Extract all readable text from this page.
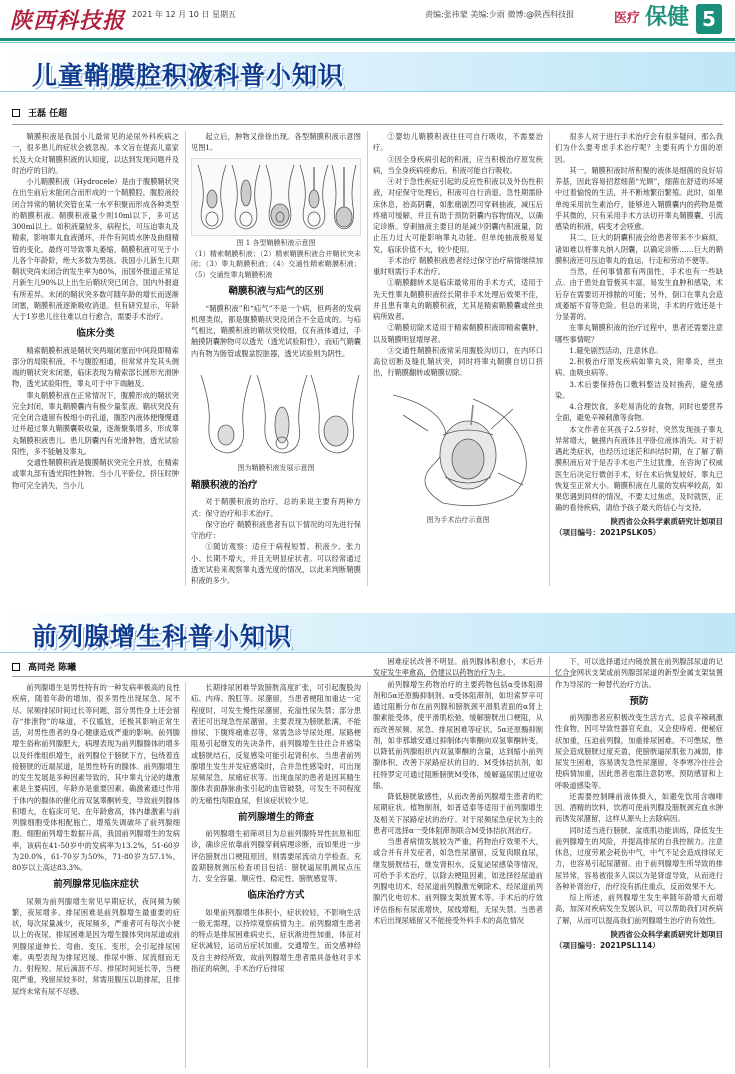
陕西科技报 2021 年 12 月 10 日 星期五	责编:张祎蒙 美编:少雨 微博:@陕西科技报	医疗 保健 5
儿童鞘膜腔积液科普小知识
王磊 任超

鞘膜积液是我国小儿最常见的泌尿外科疾病之一，很多患儿的症状会被忽视。本文旨在提高儿童家长及大众对鞘膜积液的认知度，以达到发现问题并及时治疗的目的。

小儿鞘膜积液（Hydrocele）是由于腹膜鞘状突在出生前后未能闭合而形成的一个鞘膜腔，腹腔液经闭合异常的鞘状突管在某一水平积聚而形成各种类型的鞘膜积液。鞘膜积液量少则10ml以下，多可达300ml以上。如积液量较多，病程长，可压迫睾丸及精索，影响睾丸血液循环，并作有间质水肿及曲细精管的变化，最终可导致睾丸萎缩。鞘膜积液可见于小儿各个年龄阶，绝大多数为男孩。我国小儿新生儿期鞘状突尚未闭合的发生率为80%，而国外报道正常足月新生儿90%以上出生后鞘状突已闭合，国内外报道有所差异。未闭的鞘状突多数可随年龄的增长而逐渐闭塞，鞘膜积液逐渐吸收消退。但有研究显示，年龄大于1岁患儿往往难以自行愈合，需要手术治疗。

临床分类

精索鞘膜积液是鞘状突两端闭塞而中间段即精索部分的局限积液，不与腹腔相通，但常常并发其头侧端的鞘状突未闭塞，临床表现为精索部长圆形光滑肿物，透光试验阳性，睾丸可于中下端触及。

睾丸鞘膜积液在正常情况下，腹膜形成的鞘状突完全封闭，睾丸鞘膜囊内有极少量浆液。鞘状突没有完全闭合遗留有极细小的孔道，腹腔内液体便慢慢通过并超过睾丸鞘膜囊吸收量，逐渐聚集增多，形成睾丸鞘膜积液患儿。患儿阴囊内有光滑肿物，透光试验阳性，多不能触及睾丸。

交通性鞘膜积液是腹膜鞘状突完全开放，在精索或睾丸部有透光阳性肿物。当小儿平卧位，挤压时肿物可完全消失，当小儿

起立后，肿物又徐徐出现。各型鞘膜积液示意图见图1。

图 1 各型鞘膜积液示意图
（1）精索鞘膜积液；（2）精索鞘膜积液合并鞘状突未闭；（3）睾丸鞘膜积液；（4）交通性精索鞘膜积液；（5）交通性睾丸鞘膜积液
鞘膜积液与疝气的区别

“鞘膜积液”和“疝气”不是一个病，但两者的发病机理类似，都是腹膜鞘状突没闭合不全造成的。与疝气相比，鞘膜积液的鞘状突较细，仅有液体通过，手触摸阴囊肿物可以透光（透光试验阳性），而疝气鞘囊内有物为肠管或腹盆腔脏器，透光试验则为阴性。

图为鞘膜积液发展示意图
鞘膜积液的治疗

对于鞘膜积液的治疗，总的来说主要有两种方式：保守治疗和手术治疗。

保守治疗 鞘膜积液患者有以下情况的可先进行保守治疗：

①随访观察：适应于病程短暂、积液少、张力小、长期不增大，并且无明显症状者。可以经常通过透光试验来观察睾丸透光度的情况，以此来判断鞘膜积液的多少。

②婴幼儿鞘膜积液往往可自行吸收，不需要治疗。

③因全身疾病引起的积液，应当积极治疗原发疾病，当全身疾病痊愈后，积液可能自行吸收。

④对于急性疾症引起的反应性积液以及外伤性积液，对症保守处理后，积液可自行消退。急性期需卧床休息，抬高阴囊，如胀痛剧烈可穿刺抽液，减压后疼痛可缓解，并且有助于预防阴囊内容物情况，以确定诊断。穿刺抽液主要目的是减少阴囊内积液量，防止压力过大可能影响睾丸功能。但单纯抽液极易复发，临床价值不大，较少使用。

手术治疗 鞘膜积液患者经过保守治疗病情继续加重时则需行手术治疗。

①鞘膜翻转术是临床最常用的手术方式，适用于先天性睾丸鞘膜积液经长期非手术处理后效果不佳，并且患有睾丸的鞘膜积液，尤其是精索鞘膜囊或丝虫病所致者。

②鞘膜切除术适用于精索鞘膜积液即精索囊肿，以及鞘膜明显增厚者。

③交通性鞘膜积液常采用腹股沟切口，在内环口高位切断及缝扎鞘状突，同时将睾丸鞘膜自切口挤出，行鞘膜翻转或鞘膜切除。

图为手术治疗示意图

很多人对于进行手术治疗会有很多疑问，那么我们为什么要考虑手术治疗呢？主要有两个方面的原因。

其一，鞘膜积液时所积聚的液体是细菌的良好培养基，因此容易招惹细菌“光顾”，细菌在舒适的环境中过着愉悦的生活，并不断地繁衍繁殖。此时，如果单纯采用抗生素治疗，能够进入鞘膜囊内的药物是微乎其微的，只有采用手术方法切开睾丸鞘膜囊，引流感染的积液，病变才会痊愈。

其二，巨大的阴囊积液会给患者带来不少麻烦，诸如难以将睾丸纳入阴囊，以确定诊断……巨大的鞘膜积液还可压迫睾丸的血运，行走和劳动不便等。

当然，任何事情都有两面性，手术也有一些缺点。由于患处血管极其丰富，易发生血肿和感染，术后存在需要切开排脓的可能；另外，倒口在睾丸会造成萎缩不育等危险。但总的来说，手术的疗效还是十分显著的。

在睾丸鞘膜积液的治疗过程中，患者还需要注意哪些事情呢？

1.避免剧烈活动，注意休息。

2.积极治疗原发疾病如睾丸炎，附睾炎，丝虫病、血吸虫病等。

3.术后要保持伤口敷料整洁及时换药，避免感染。

4.合理饮食，多吃易消化的食物，同时也要营养全面，避免辛辣刺激等食物。

本文作者在其孩子2.5岁时，突然发现孩子睾丸异常增大，触摸内有液体且平卧位液体消失。对于初遇此类症状，也经历过迷茫和纠结时期，在了解了鞘膜积液后对于是否手术也产生过犹豫，在咨询了权威医生后决定行微创手术，好在术后恢复较好，睾丸已恢复至正常大小。鞘膜积液在儿童的发病率较高，如果您遇到同样的情况，不要太过焦虑，及时就医，正确的看待疾病，请给予孩子最大的信心与支持。

陕西省公众科学素质研究计划项目
（项目编号：2021PSLK05）
前列腺增生科普小知识
高同尧 陈曦

前列腺增生是男性特有的一种发病率极高的良性疾病，随着年龄的增加，很多男性出现尿急、尿不尽、尿频排尿时间过长等问题，部分男性身上还会留存“排泄物”的味道，不仅尴尬，还极其影响正常生活，对男性患者的身心健康造成严重的影响。前列腺增生俗称前列腺肥大，病理表现为前列腺腺体的增多以及纤维组织增生，前列腺位于膀胱下方，包绕着连接膀胱的近端尿道，是男性特有的腺体。前列腺增生的发生发展是多种因素导致的，其中睾丸分泌的雄激素是主要病因，年龄亦是重要因素。确激素通过作用于体内的腺体的催化而双氢睾酮转变，导致前列腺体积增大，在临床可见。在年龄愈高，体内雄激素与前列腺细胞受体相配瓶亡，增殖失调破坏了前列腺细胞、细胞前列增生数据升高，我国前列腺增生的发病率，该病在41-50岁中的发病率为13.2%，51-60岁为20.0%，61-70岁为50%，71-80岁为57.1%，80岁以上高达83.3%。

前列腺常见临床症状

尿频为前列腺增生常见早期症状，夜间频为频繁，夜尿增多。排尿困难是前列腺增生最重要的症状，每次尿量减少，夜尿频多，严重者可有每次小便以上的夜尿。排尿困难是因为增生腺体突向尿道或前列腺尿道伸长、弯曲、变压、变形，会引起排尿困难。典型表现为排尿迟缓、排尿中断、尿流细而无力、射程短、尿后滴沥不尽、排尿时间延长等，当梗阻严重，残留尿较多时，常需用腹压以助排尿，且排尿终末常有尿不尽感。

长期排尿困难导致膀胱高度扩张，可引起腹股沟疝、内痔、脱肛等。尿潴留，当患者梗阻加重达一定程度时，可发生慢性尿潴留，充溢性尿失禁；部分患者还可出现急性尿潴留，主要表现为膀胱胀满，不能排尿、下腹疼痛难忍等，常需急诊导尿处理。尿路梗阻易引起继发的先决条件，前列腺增生往往合并感染或膀胱结石，反复感染可能引起肾积水，当患者前列腺增生发生并发症感染时，合并急性感染时，可出现尿频尿急，尿痛症状等。出现血尿的患者是因其精生腺体表面静脉曲张引起的血管破裂，可发生不同程度的无痛性肉眼血尿，但该症状较少见。

前列腺增生的筛查

前列腺增生初筛项目为总前列腺特异性抗原和肛诊，确诊应依靠前列腺穿刺病理诊断，而如果进一步评估膀胱出口梗阻原因，则需要尿流动力学检查。充盈期膀胱测压检查项目包括：膀胱逼尿肌测尿点压力、安全容量、顺应性、稳定性、膀胱感觉等。

临床治疗方式

如果前列腺增生体积小，症状较轻，不影响生活一般无需理，以持续观察病情为主。前列腺增生患者的特点是排尿困难病史长，症状渐进性加重，体征对症状减轻，运动后症状加重。交通增生，而交感神经及自主神经所致，故前列腺增生患者需具备他对手术指征的病例，手术治疗后排尿

困难症状改善不明显。前列腺体积愈小，术后并发症发生率愈高，仍建议以药物治疗为主。

前列腺增生药物治疗的主要药物包括α受体阻滞剂和5α还原酶抑制剂。α受体阻滞剂，如坦索罗辛可通过阻断分布在前列腺和膀胱颈平滑肌表面的α肾上腺素能受体，使平滑肌松弛，缓解膀胱出口梗阻，从而改善尿频、尿急、排尿困难等症状。5α还原酶抑制剂，如非那雄安通过抑制体内睾酮向双氢睾酮转变，以降低前列腺组织内双氢睾酮的含量，达到缩小前列腺体积、改善下尿路症状的目的。M受体拮抗剂，如托特罗定可通过阻断膀胱M受体，缓解逼尿肌过度收缩。

降低膀胱敏感性，从而改善前列腺增生患者的贮尿期症状。植物制剂，如普适泰等适用于前列腺增生及相关下尿路症状的治疗。对于尿频尿急症状为主的患者可选择α一受体阻滞剂联合M受体拮抗剂治疗。

当患者病情发展较为严重，药物治疗效果不大，或合并有并发症者，如急性尿潴留，反复肉眼血尿，继发膀胱结石，继发肾积水，反复泌尿感染等情况，可给予手术治疗，以除去梗阻因素，如选择经尿道前列腺电切术、经尿道前列腺激光剜除术、经尿道前列腺汽化电切术、前列腺支架放置术等。手术后的疗效评估指标有尿流增快，尿线增粗，无尿失禁。当患者术后出现尿痛留又不能接受外科手术的高危情况

下，可以选择通过内镜放置在前列腺部尿道的记忆合金网状支架或前列腺部尿道的新型金属支架装置作为导尿的一种替代治疗方法。

预防

前列腺患者应积极改变生活方式，忌食辛辣刺激性食物，因可导致性器官充血，又会使痔疮、便秘症状加重，压迫前列腺，加重排尿困难。不可憋尿，憋尿会造成膀胱过度充盈，使膀胱逼尿肌张力减弱，排尿发生困难，容易诱发急性尿潴留。冬季寒冷往往会使病情加重，因此患者也需注意防寒，预防感冒和上呼吸道感染等。

还需要控制睡前液体摄入，如避免饮用含咖啡因、酒精的饮料，饮酒可使前列腺及膀胱颈充血水肿而诱发尿潴留，这样从源头上去除病因。

同时适当进行膀胱、盆底肌功能训练，降低发生前列腺增生的风险，并提高排尿的自我控制力。注意休息，过度劳累会耗伤中气，中气不足会造成排尿无力，也容易引起尿潴留。由于前列腺增生所导致的排尿异常，容易被很多人误以为是肾虚导致，从而进行各种补肾治疗，治疗没有抓住重点，反而效果不大。

综上所述，前列腺增生发生率随年龄增大而增高，加深对疾病发生发展认识，可以帮助我们对疾病了解，从而可以提高我们前列腺增生治疗的有效性。

陕西省公众科学素质研究计划项目
（项目编号：2021PSL114）
